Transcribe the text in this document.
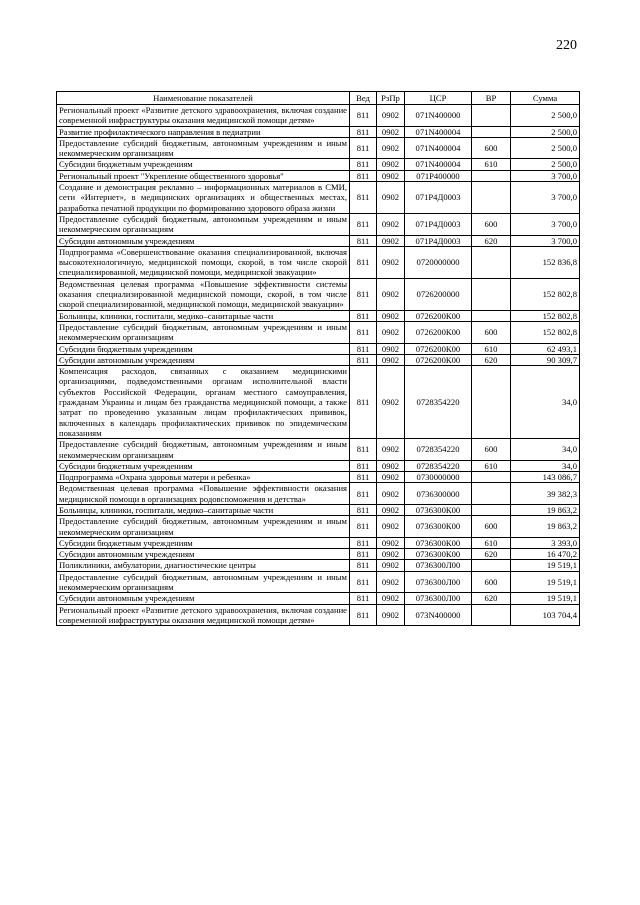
220
Наименование показателей	Вед	РзПр	ЦСР	ВР	Сумма
Региональный проект «Развитие детского здравоохранения, включая создание современной инфраструктуры оказания медицинской помощи детям»	811	0902	071N400000		2 500,0
Развитие профилактического направления в педиатрии	811	0902	071N400004		2 500,0
Предоставление субсидий бюджетным, автономным учреждениям и иным некоммерческим организациям	811	0902	071N400004	600	2 500,0
Субсидии бюджетным учреждениям	811	0902	071N400004	610	2 500,0
Региональный проект "Укрепление общественного здоровья"	811	0902	071P400000		3 700,0
Создание и демонстрация рекламно – информационных материалов в СМИ, сети «Интернет», в медицинских организациях и общественных местах, разработка печатной продукции по формированию здорового образа жизни	811	0902	071P4Д0003		3 700,0
Предоставление субсидий бюджетным, автономным учреждениям и иным некоммерческим организациям	811	0902	071P4Д0003	600	3 700,0
Субсидии автономным учреждениям	811	0902	071P4Д0003	620	3 700,0
Подпрограмма «Совершенствование оказания специализированной, включая высокотехнологичную, медицинской помощи, скорой, в том числе скорой специализированной, медицинской помощи, медицинской эвакуации»	811	0902	0720000000		152 836,8
Ведомственная целевая программа «Повышение эффективности системы оказания специализированной медицинской помощи, скорой, в том числе скорой специализированной, медицинской помощи, медицинской эвакуации»	811	0902	0726200000		152 802,8
Больницы, клиники, госпитали, медико–санитарные части	811	0902	0726200К00		152 802,8
Предоставление субсидий бюджетным, автономным учреждениям и иным некоммерческим организациям	811	0902	0726200К00	600	152 802,8
Субсидии бюджетным учреждениям	811	0902	0726200К00	610	62 493,1
Субсидии автономным учреждениям	811	0902	0726200К00	620	90 309,7
Компенсация расходов, связанных с оказанием медицинскими организациями, подведомственными органам исполнительной власти субъектов Российской Федерации, органам местного самоуправления, гражданам Украины и лицам без гражданства медицинской помощи, а также затрат по проведению указанным лицам профилактических прививок, включенных в календарь профилактических прививок по эпидемическим показаниям	811	0902	0728354220		34,0
Предоставление субсидий бюджетным, автономным учреждениям и иным некоммерческим организациям	811	0902	0728354220	600	34,0
Субсидии бюджетным учреждениям	811	0902	0728354220	610	34,0
Подпрограмма «Охрана здоровья матери и ребенка»	811	0902	0730000000		143 086,7
Ведомственная целевая программа «Повышение эффективности оказания медицинской помощи в организациях родовспоможения и детства»	811	0902	0736300000		39 382,3
Больницы, клиники, госпитали, медико–санитарные части	811	0902	0736300К00		19 863,2
Предоставление субсидий бюджетным, автономным учреждениям и иным некоммерческим организациям	811	0902	0736300К00	600	19 863,2
Субсидии бюджетным учреждениям	811	0902	0736300К00	610	3 393,0
Субсидии автономным учреждениям	811	0902	0736300К00	620	16 470,2
Поликлиники, амбулатории, диагностические центры	811	0902	0736300Л00		19 519,1
Предоставление субсидий бюджетным, автономным учреждениям и иным некоммерческим организациям	811	0902	0736300Л00	600	19 519,1
Субсидии автономным учреждениям	811	0902	0736300Л00	620	19 519,1
Региональный проект «Развитие детского здравоохранения, включая создание современной инфраструктуры оказания медицинской помощи детям»	811	0902	073N400000		103 704,4
